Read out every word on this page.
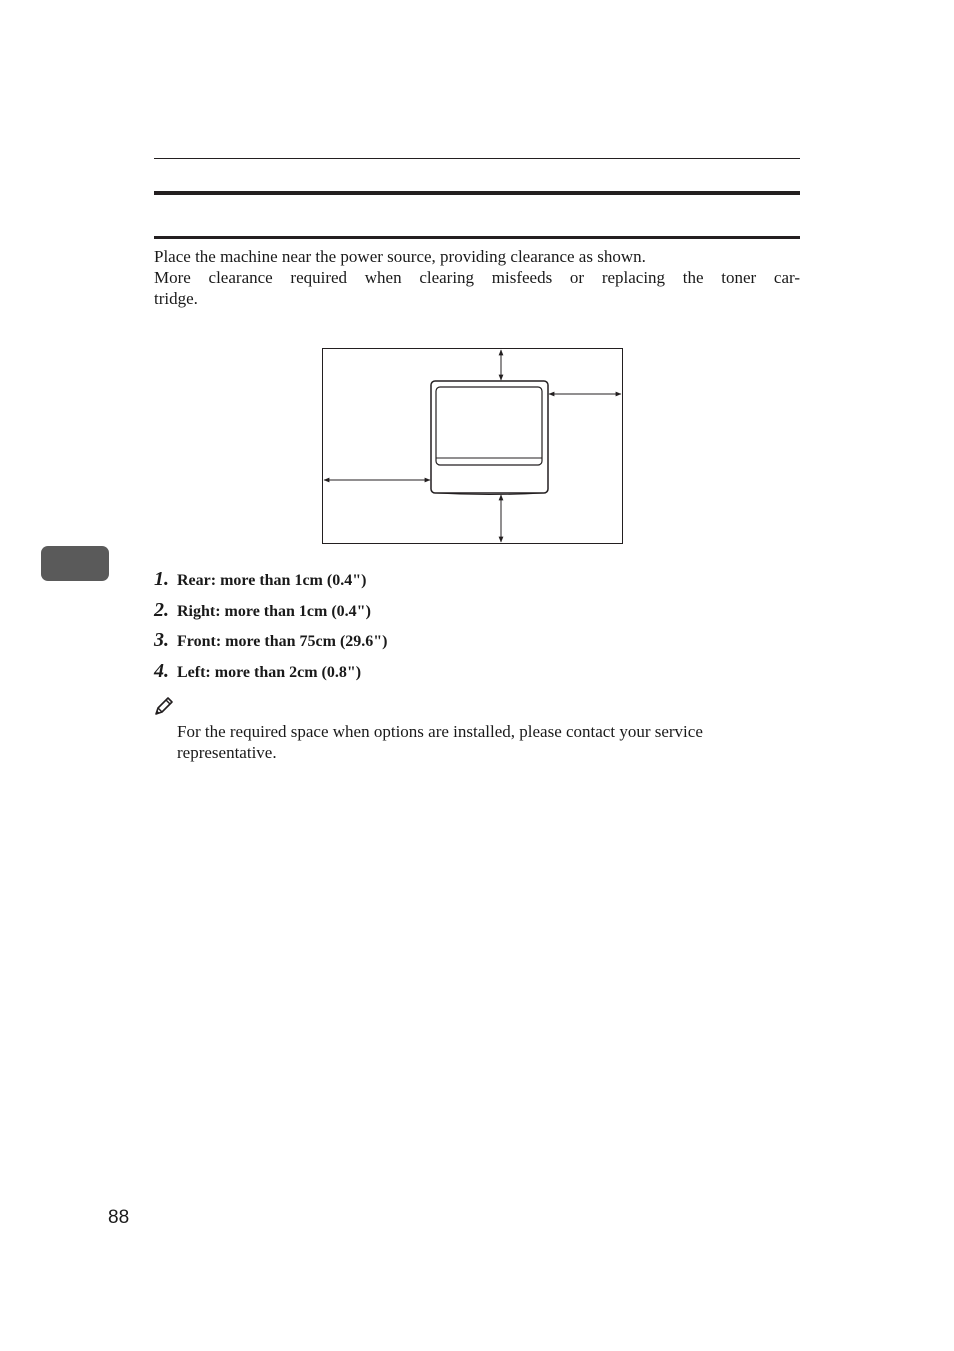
Place the machine near the power source, providing clearance as shown.

More clearance required when clearing misfeeds or replacing the toner car-

tridge.

1. Rear: more than 1cm (0.4")
2. Right: more than 1cm (0.4")
3. Front: more than 75cm (29.6")
4. Left: more than 2cm (0.8")

For the required space when options are installed, please contact your service representative.

88
